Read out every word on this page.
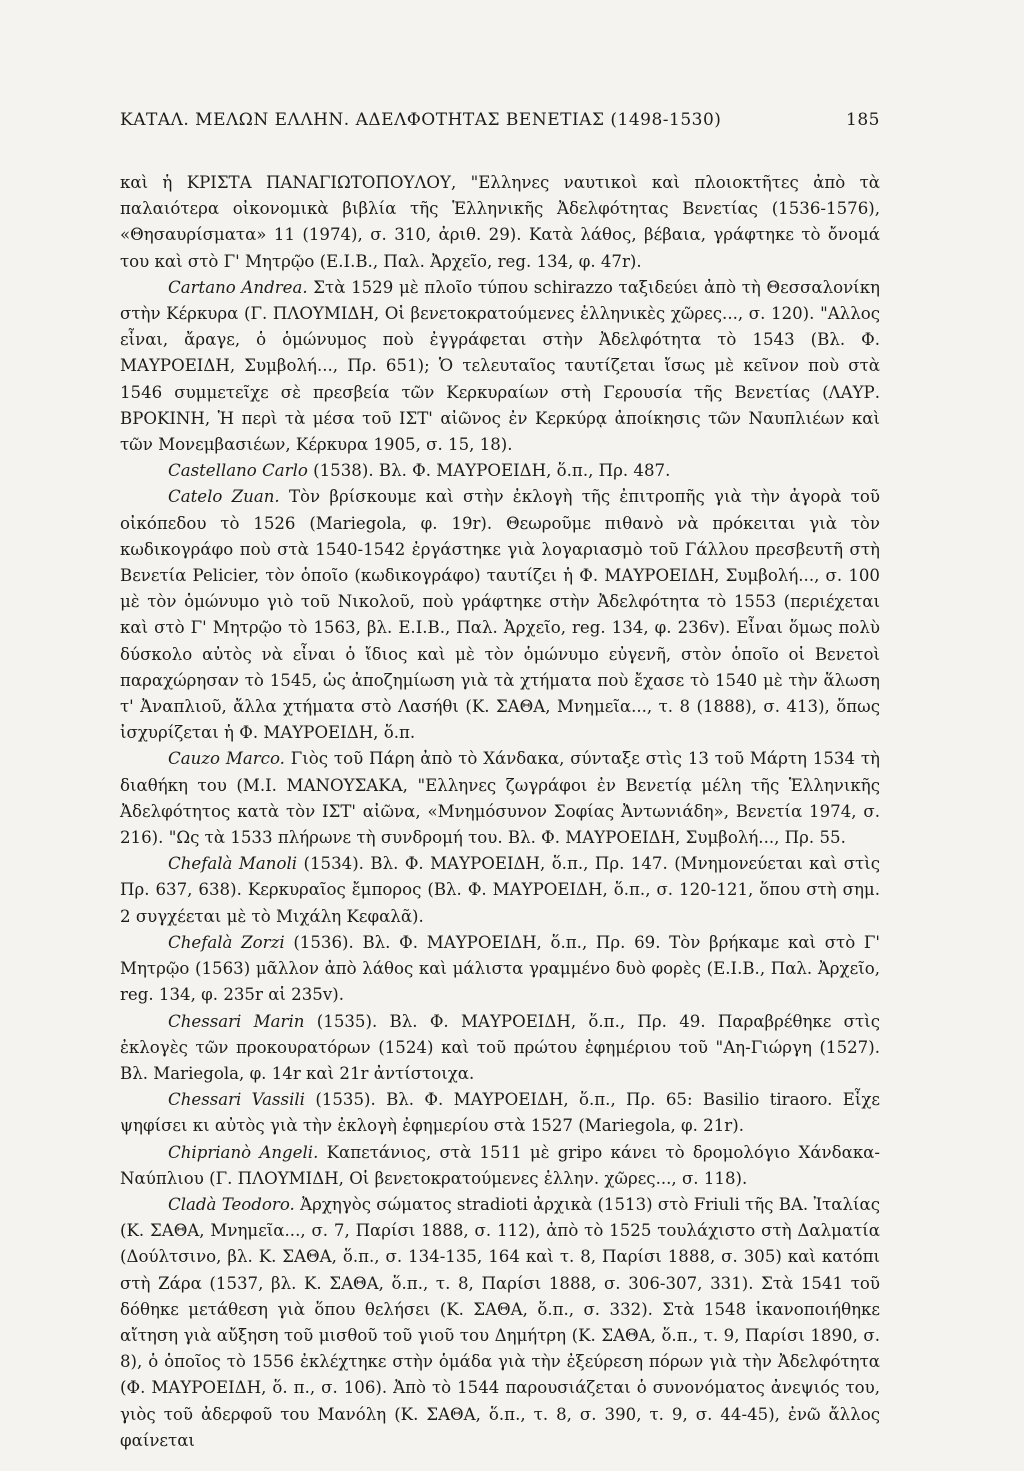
ΚΑΤΑΛ. ΜΕΛΩΝ ΕΛΛΗΝ. ΑΔΕΛΦΟΤΗΤΑΣ ΒΕΝΕΤΙΑΣ (1498-1530)	185

καὶ ἡ ΚΡΙΣΤΑ ΠΑΝΑΓΙΩΤΟΠΟΥΛΟΥ, "Ελληνες ναυτικοὶ καὶ πλοιοκτῆτες ἀπὸ τὰ παλαιότερα οἰκονομικὰ βιβλία τῆς Ἑλληνικῆς Ἀδελφότητας Βενετίας (1536-1576), «Θησαυρίσματα» 11 (1974), σ. 310, ἀριθ. 29). Κατὰ λάθος, βέβαια, γράφτηκε τὸ ὄνομά του καὶ στὸ Γ' Μητρῷο (Ε.Ι.Β., Παλ. Ἀρχεῖο, reg. 134, φ. 47r).

Cartano Andrea. Στὰ 1529 μὲ πλοῖο τύπου schirazzo ταξιδεύει ἀπὸ τὴ Θεσσαλονίκη στὴν Κέρκυρα (Γ. ΠΛΟΥΜΙΔΗ, Οἱ βενετοκρατούμενες ἑλληνικὲς χῶρες..., σ. 120). "Αλλος εἶναι, ἄραγε, ὁ ὁμώνυμος ποὺ ἐγγράφεται στὴν Ἀδελφότητα τὸ 1543 (Βλ. Φ. ΜΑΥΡΟΕΙΔΗ, Συμβολή..., Πρ. 651); Ὁ τελευταῖος ταυτίζεται ἴσως μὲ κεῖνον ποὺ στὰ 1546 συμμετεῖχε σὲ πρεσβεία τῶν Κερκυραίων στὴ Γερουσία τῆς Βενετίας (ΛΑΥΡ. ΒΡΟΚΙΝΗ, Ἡ περὶ τὰ μέσα τοῦ ΙΣΤ' αἰῶνος ἐν Κερκύρᾳ ἀποίκησις τῶν Ναυπλιέων καὶ τῶν Μονεμβασιέων, Κέρκυρα 1905, σ. 15, 18).

Castellano Carlo (1538). Βλ. Φ. ΜΑΥΡΟΕΙΔΗ, ὅ.π., Πρ. 487.

Catelo Zuan. Τὸν βρίσκουμε καὶ στὴν ἐκλογὴ τῆς ἐπιτροπῆς γιὰ τὴν ἀγορὰ τοῦ οἰκόπεδου τὸ 1526 (Mariegola, φ. 19r). Θεωροῦμε πιθανὸ νὰ πρόκειται γιὰ τὸν κωδικογράφο ποὺ στὰ 1540-1542 ἐργάστηκε γιὰ λογαριασμὸ τοῦ Γάλλου πρεσβευτῆ στὴ Βενετία Pelicier, τὸν ὁποῖο (κωδικογράφο) ταυτίζει ἡ Φ. ΜΑΥΡΟΕΙΔΗ, Συμβολή..., σ. 100 μὲ τὸν ὁμώνυμο γιὸ τοῦ Νικολοῦ, ποὺ γράφτηκε στὴν Ἀδελφότητα τὸ 1553 (περιέχεται καὶ στὸ Γ' Μητρῷο τὸ 1563, βλ. Ε.Ι.Β., Παλ. Ἀρχεῖο, reg. 134, φ. 236v). Εἶναι ὅμως πολὺ δύσκολο αὐτὸς νὰ εἶναι ὁ ἴδιος καὶ μὲ τὸν ὁμώνυμο εὐγενῆ, στὸν ὁποῖο οἱ Βενετοὶ παραχώρησαν τὸ 1545, ὡς ἀποζημίωση γιὰ τὰ χτήματα ποὺ ἔχασε τὸ 1540 μὲ τὴν ἅλωση τ' Ἀναπλιοῦ, ἄλλα χτήματα στὸ Λασήθι (Κ. ΣΑΘΑ, Μνημεῖα..., τ. 8 (1888), σ. 413), ὅπως ἰσχυρίζεται ἡ Φ. ΜΑΥΡΟΕΙΔΗ, ὅ.π.

Cauzo Marco. Γιὸς τοῦ Πάρη ἀπὸ τὸ Χάνδακα, σύνταξε στὶς 13 τοῦ Μάρτη 1534 τὴ διαθήκη του (Μ.Ι. ΜΑΝΟΥΣΑΚΑ, "Ελληνες ζωγράφοι ἐν Βενετίᾳ μέλη τῆς Ἑλληνικῆς Ἀδελφότητος κατὰ τὸν ΙΣΤ' αἰῶνα, «Μνημόσυνον Σοφίας Ἀντωνιάδη», Βενετία 1974, σ. 216). "Ως τὰ 1533 πλήρωνε τὴ συνδρομή του. Βλ. Φ. ΜΑΥΡΟΕΙΔΗ, Συμβολή..., Πρ. 55.

Chefalà Manoli (1534). Βλ. Φ. ΜΑΥΡΟΕΙΔΗ, ὅ.π., Πρ. 147. (Μνημονεύεται καὶ στὶς Πρ. 637, 638). Κερκυραῖος ἔμπορος (Βλ. Φ. ΜΑΥΡΟΕΙΔΗ, ὅ.π., σ. 120-121, ὅπου στὴ σημ. 2 συγχέεται μὲ τὸ Μιχάλη Κεφαλᾶ).

Chefalà Zorzi (1536). Βλ. Φ. ΜΑΥΡΟΕΙΔΗ, ὅ.π., Πρ. 69. Τὸν βρήκαμε καὶ στὸ Γ' Μητρῷο (1563) μᾶλλον ἀπὸ λάθος καὶ μάλιστα γραμμένο δυὸ φορὲς (Ε.Ι.Β., Παλ. Ἀρχεῖο, reg. 134, φ. 235r αἱ 235v).

Chessari Marin (1535). Βλ. Φ. ΜΑΥΡΟΕΙΔΗ, ὅ.π., Πρ. 49. Παραβρέθηκε στὶς ἐκλογὲς τῶν προκουρατόρων (1524) καὶ τοῦ πρώτου ἐφημέριου τοῦ "Αη-Γιώργη (1527). Βλ. Mariegola, φ. 14r καὶ 21r ἀντίστοιχα.

Chessari Vassili (1535). Βλ. Φ. ΜΑΥΡΟΕΙΔΗ, ὅ.π., Πρ. 65: Basilio tiraoro. Εἶχε ψηφίσει κι αὐτὸς γιὰ τὴν ἐκλογὴ ἐφημερίου στὰ 1527 (Mariegola, φ. 21r).

Chiprianò Angeli. Καπετάνιος, στὰ 1511 μὲ gripo κάνει τὸ δρομολόγιο Χάνδακα-Ναύπλιου (Γ. ΠΛΟΥΜΙΔΗ, Οἱ βενετοκρατούμενες ἑλλην. χῶρες..., σ. 118).

Cladà Teodoro. Ἀρχηγὸς σώματος stradioti ἀρχικὰ (1513) στὸ Friuli τῆς ΒΑ. Ἰταλίας (Κ. ΣΑΘΑ, Μνημεῖα..., σ. 7, Παρίσι 1888, σ. 112), ἀπὸ τὸ 1525 τουλάχιστο στὴ Δαλματία (Δούλτσινο, βλ. Κ. ΣΑΘΑ, ὅ.π., σ. 134-135, 164 καὶ τ. 8, Παρίσι 1888, σ. 305) καὶ κατόπι στὴ Ζάρα (1537, βλ. Κ. ΣΑΘΑ, ὅ.π., τ. 8, Παρίσι 1888, σ. 306-307, 331). Στὰ 1541 τοῦ δόθηκε μετάθεση γιὰ ὅπου θελήσει (Κ. ΣΑΘΑ, ὅ.π., σ. 332). Στὰ 1548 ἱκανοποιήθηκε αἴτηση γιὰ αὔξηση τοῦ μισθοῦ τοῦ γιοῦ του Δημήτρη (Κ. ΣΑΘΑ, ὅ.π., τ. 9, Παρίσι 1890, σ. 8), ὁ ὁποῖος τὸ 1556 ἐκλέχτηκε στὴν ὁμάδα γιὰ τὴν ἐξεύρεση πόρων γιὰ τὴν Ἀδελφότητα (Φ. ΜΑΥΡΟΕΙΔΗ, ὅ. π., σ. 106). Ἀπὸ τὸ 1544 παρουσιάζεται ὁ συνονόματος ἀνεψιός του, γιὸς τοῦ ἀδερφοῦ του Μανόλη (Κ. ΣΑΘΑ, ὅ.π., τ. 8, σ. 390, τ. 9, σ. 44-45), ἐνῶ ἄλλος φαίνεται
